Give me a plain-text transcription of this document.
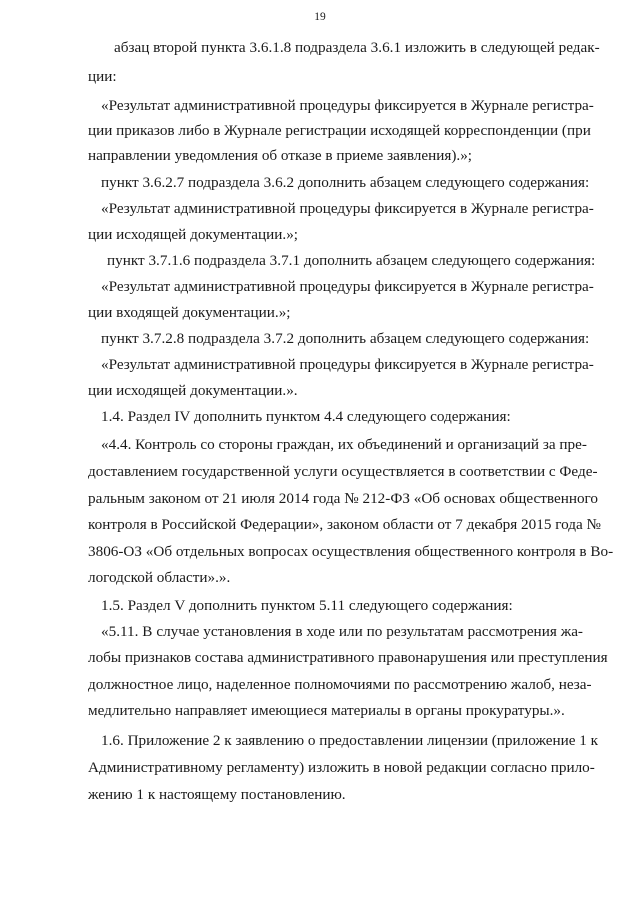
19
абзац второй пункта 3.6.1.8 подраздела 3.6.1 изложить в следующей редак-
ции:
«Результат административной процедуры фиксируется в Журнале регистра-
ции приказов либо в Журнале регистрации исходящей корреспонденции (при
направлении уведомления об отказе в приеме заявления).»;
пункт 3.6.2.7 подраздела 3.6.2 дополнить абзацем следующего содержания:
«Результат административной процедуры фиксируется в Журнале регистра-
ции исходящей документации.»;
пункт 3.7.1.6 подраздела 3.7.1 дополнить абзацем следующего содержания:
«Результат административной процедуры фиксируется в Журнале регистра-
ции входящей документации.»;
пункт 3.7.2.8 подраздела 3.7.2 дополнить абзацем следующего содержания:
«Результат административной процедуры фиксируется в Журнале регистра-
ции исходящей документации.».
1.4. Раздел IV дополнить пунктом 4.4 следующего содержания:
«4.4. Контроль со стороны граждан, их объединений и организаций за пре-
доставлением государственной услуги осуществляется в соответствии с Феде-
ральным законом от 21 июля 2014 года № 212-ФЗ «Об основах общественного
контроля в Российской Федерации», законом области от 7 декабря 2015 года №
3806-ОЗ «Об отдельных вопросах осуществления общественного контроля в Во-
логодской области».».
1.5. Раздел V дополнить пунктом 5.11 следующего содержания:
«5.11. В случае установления в ходе или по результатам рассмотрения жа-
лобы признаков состава административного правонарушения или преступления
должностное лицо, наделенное полномочиями по рассмотрению жалоб, неза-
медлительно направляет имеющиеся материалы в органы прокуратуры.».
1.6. Приложение 2 к заявлению о предоставлении лицензии (приложение 1 к
Административному регламенту) изложить в новой редакции согласно прило-
жению 1 к настоящему постановлению.
